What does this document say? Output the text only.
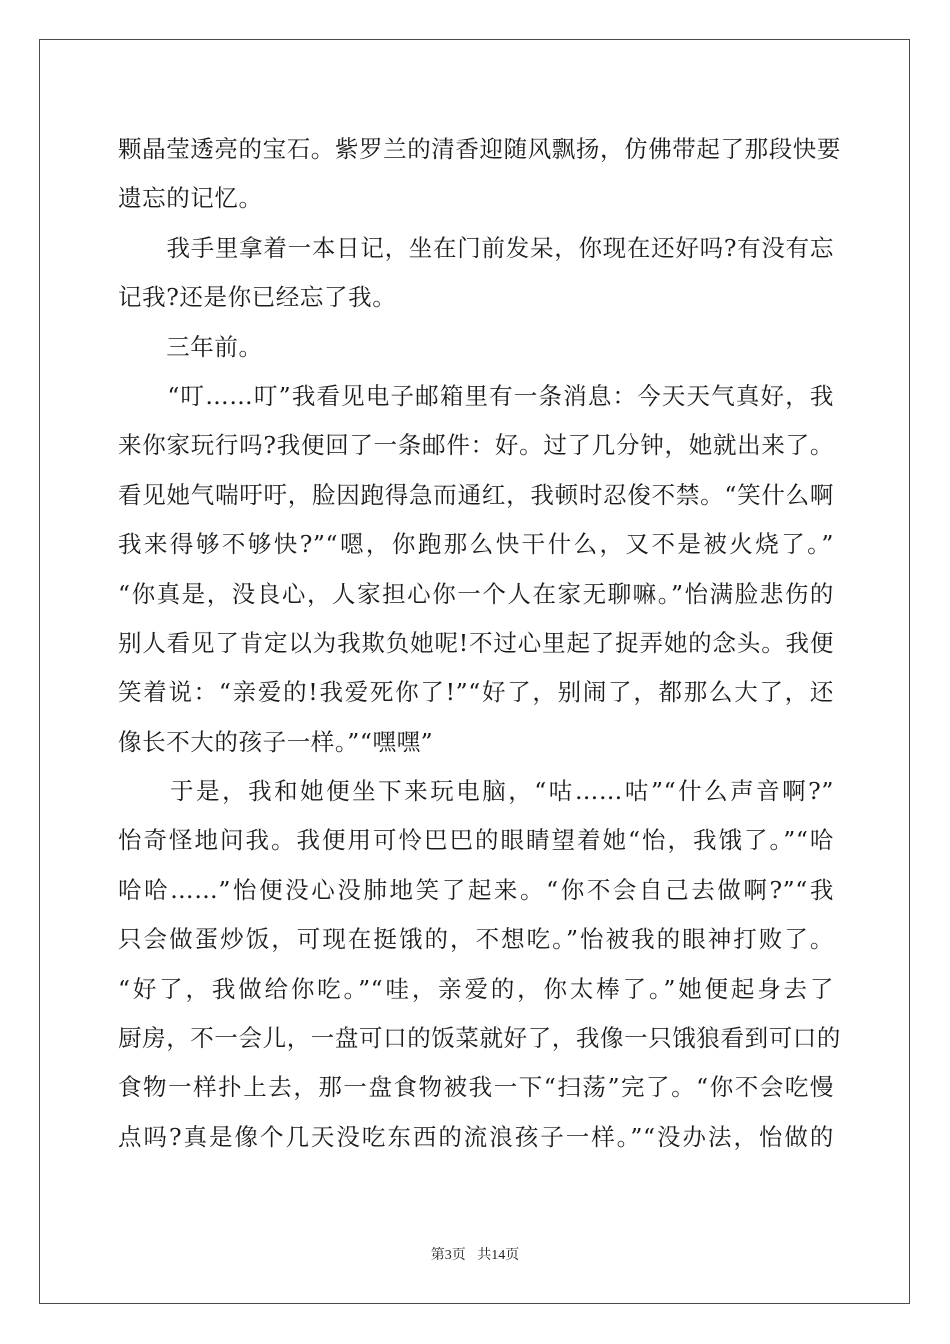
颗晶莹透亮的宝石。紫罗兰的清香迎随风飘扬，仿佛带起了那段快要
遗忘的记忆。
　　我手里拿着一本日记，坐在门前发呆，你现在还好吗?有没有忘
记我?还是你已经忘了我。
　　三年前。
　　“叮……叮”我看见电子邮箱里有一条消息：今天天气真好，我
来你家玩行吗?我便回了一条邮件：好。过了几分钟，她就出来了。
看见她气喘吁吁，脸因跑得急而通红，我顿时忍俊不禁。“笑什么啊
我来得够不够快?”“嗯，你跑那么快干什么，又不是被火烧了。”
“你真是，没良心，人家担心你一个人在家无聊嘛。”怡满脸悲伤的
别人看见了肯定以为我欺负她呢!不过心里起了捉弄她的念头。我便
笑着说：“亲爱的!我爱死你了!”“好了，别闹了，都那么大了，还
像长不大的孩子一样。”“嘿嘿”
　　于是，我和她便坐下来玩电脑，“咕……咕”“什么声音啊?”
怡奇怪地问我。我便用可怜巴巴的眼睛望着她“怡，我饿了。”“哈
哈哈……”怡便没心没肺地笑了起来。“你不会自己去做啊?”“我
只会做蛋炒饭，可现在挺饿的，不想吃。”怡被我的眼神打败了。
“好了，我做给你吃。”“哇，亲爱的，你太棒了。”她便起身去了
厨房，不一会儿，一盘可口的饭菜就好了，我像一只饿狼看到可口的
食物一样扑上去，那一盘食物被我一下“扫荡”完了。“你不会吃慢
点吗?真是像个几天没吃东西的流浪孩子一样。”“没办法，怡做的
第3页 共14页
